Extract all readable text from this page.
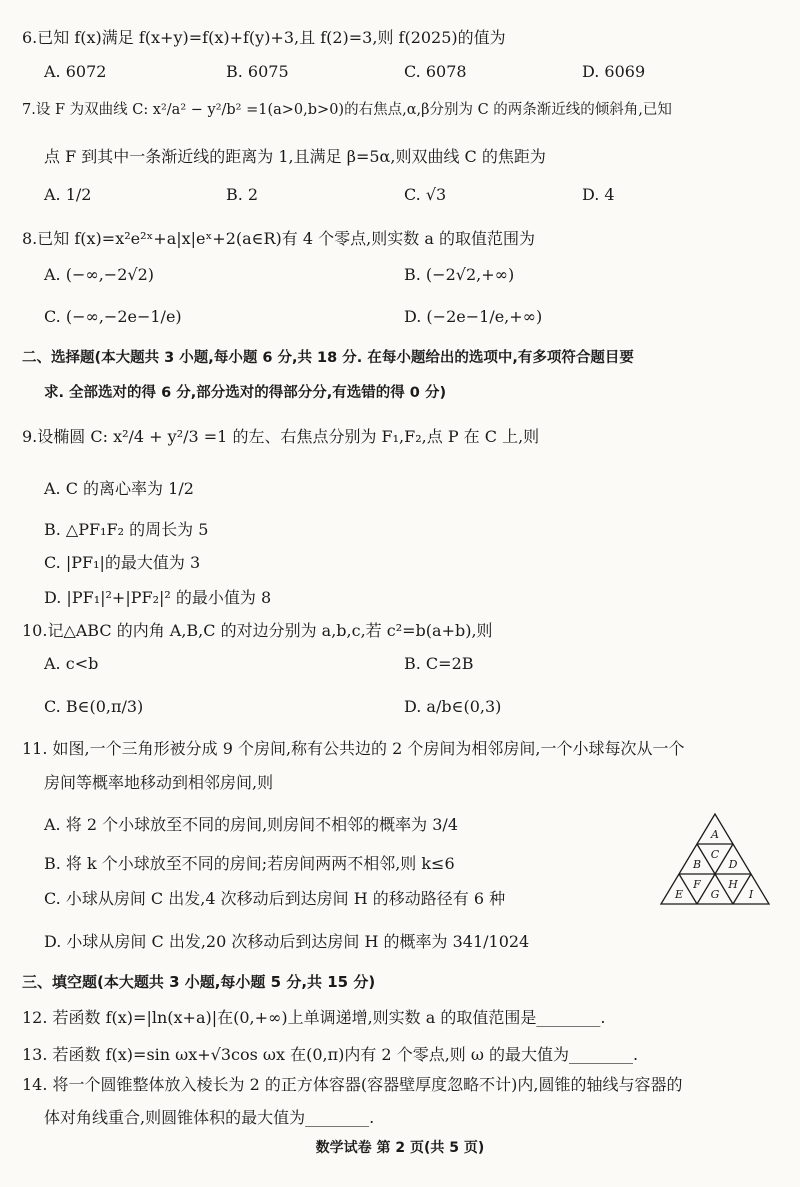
6.已知 f(x)满足 f(x+y)=f(x)+f(y)+3,且 f(2)=3,则 f(2025)的值为
A. 6072	B. 6075	C. 6078	D. 6069
7.设 F 为双曲线 C: x²/a² − y²/b² =1(a>0,b>0)的右焦点,α,β分别为 C 的两条渐近线的倾斜角,已知
点 F 到其中一条渐近线的距离为 1,且满足 β=5α,则双曲线 C 的焦距为
A. 1/2	B. 2	C. √3	D. 4
8.已知 f(x)=x²e²ˣ+a|x|eˣ+2(a∈R)有 4 个零点,则实数 a 的取值范围为
A. (−∞,−2√2)	B. (−2√2,+∞)
C. (−∞,−2e−1/e)	D. (−2e−1/e,+∞)
二、选择题(本大题共 3 小题,每小题 6 分,共 18 分. 在每小题给出的选项中,有多项符合题目要
求. 全部选对的得 6 分,部分选对的得部分分,有选错的得 0 分)
9.设椭圆 C: x²/4 + y²/3 =1 的左、右焦点分别为 F₁,F₂,点 P 在 C 上,则
A. C 的离心率为 1/2
B. △PF₁F₂ 的周长为 5
C. |PF₁|的最大值为 3
D. |PF₁|²+|PF₂|² 的最小值为 8
10.记△ABC 的内角 A,B,C 的对边分别为 a,b,c,若 c²=b(a+b),则
A. c<b	B. C=2B
C. B∈(0,π/3)	D. a/b∈(0,3)
11. 如图,一个三角形被分成 9 个房间,称有公共边的 2 个房间为相邻房间,一个小球每次从一个
房间等概率地移动到相邻房间,则
A. 将 2 个小球放至不同的房间,则房间不相邻的概率为 3/4
B. 将 k 个小球放至不同的房间;若房间两两不相邻,则 k≤6
C. 小球从房间 C 出发,4 次移动后到达房间 H 的移动路径有 6 种
D. 小球从房间 C 出发,20 次移动后到达房间 H 的概率为 341/1024
A
B
C
D
E
F
G
H
I
三、填空题(本大题共 3 小题,每小题 5 分,共 15 分)
12. 若函数 f(x)=|ln(x+a)|在(0,+∞)上单调递增,则实数 a 的取值范围是________.
13. 若函数 f(x)=sin ωx+√3cos ωx 在(0,π)内有 2 个零点,则 ω 的最大值为________.
14. 将一个圆锥整体放入棱长为 2 的正方体容器(容器壁厚度忽略不计)内,圆锥的轴线与容器的
体对角线重合,则圆锥体积的最大值为________.
数学试卷 第 2 页(共 5 页)
